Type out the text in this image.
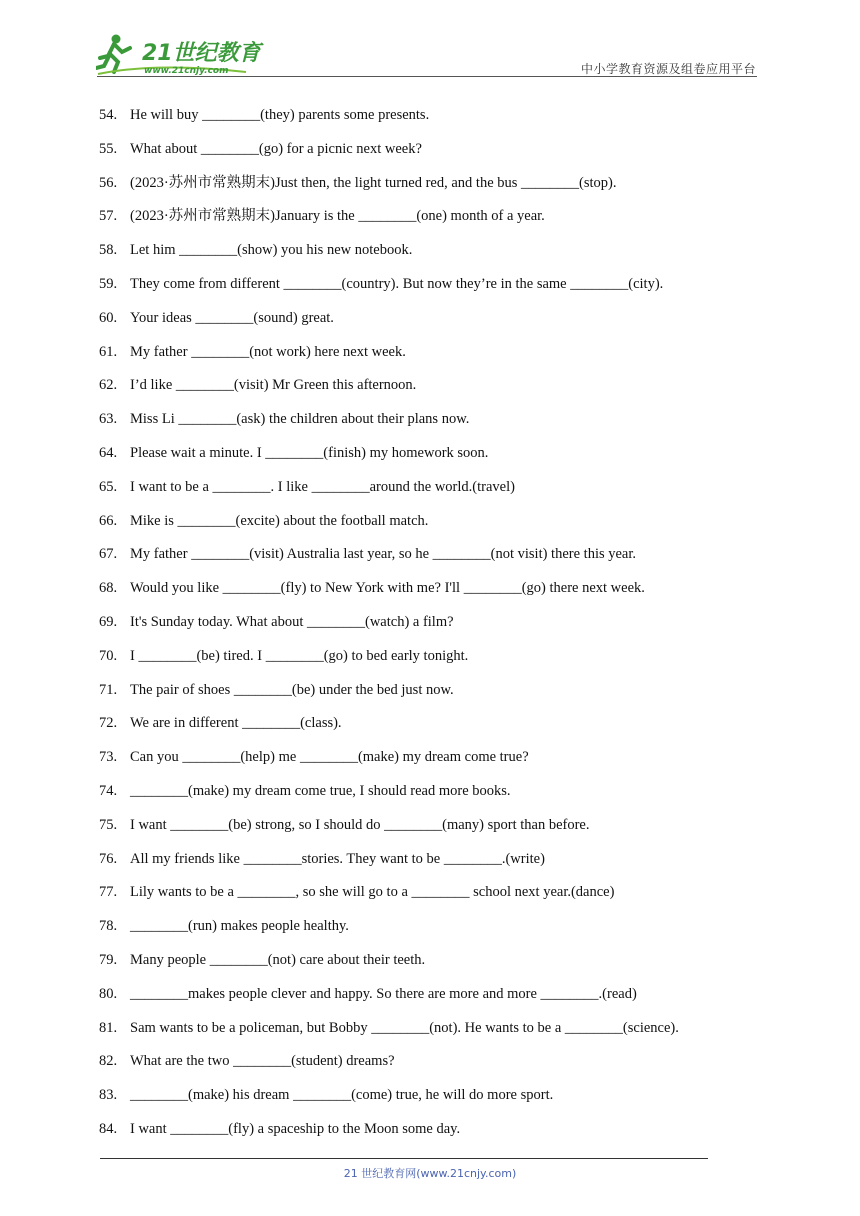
21世纪教育
www.21cnjy.com	中小学教育资源及组卷应用平台
54. He will buy ________(they) parents some presents.
55. What about ________(go) for a picnic next week?
56. (2023·苏州市常熟期末)Just then, the light turned red, and the bus ________(stop).
57. (2023·苏州市常熟期末)January is the ________(one) month of a year.
58. Let him ________(show) you his new notebook.
59. They come from different ________(country). But now they’re in the same ________(city).
60. Your ideas ________(sound) great.
61. My father ________(not work) here next week.
62. I’d like ________(visit) Mr Green this afternoon.
63. Miss Li ________(ask) the children about their plans now.
64. Please wait a minute. I ________(finish) my homework soon.
65. I want to be a ________. I like ________around the world.(travel)
66. Mike is ________(excite) about the football match.
67. My father ________(visit) Australia last year, so he ________(not visit) there this year.
68. Would you like ________(fly) to New York with me? I'll ________(go) there next week.
69. It's Sunday today. What about ________(watch) a film?
70. I ________(be) tired. I ________(go) to bed early tonight.
71. The pair of shoes ________(be) under the bed just now.
72. We are in different ________(class).
73. Can you ________(help) me ________(make) my dream come true?
74. ________(make) my dream come true, I should read more books.
75. I want ________(be) strong, so I should do ________(many) sport than before.
76. All my friends like ________stories. They want to be ________.(write)
77. Lily wants to be a ________, so she will go to a ________ school next year.(dance)
78. ________(run) makes people healthy.
79. Many people ________(not) care about their teeth.
80. ________makes people clever and happy. So there are more and more ________.(read)
81. Sam wants to be a policeman, but Bobby ________(not). He wants to be a ________(science).
82. What are the two ________(student) dreams?
83. ________(make) his dream ________(come) true, he will do more sport.
84. I want ________(fly) a spaceship to the Moon some day.
21 世纪教育网(www.21cnjy.com)
